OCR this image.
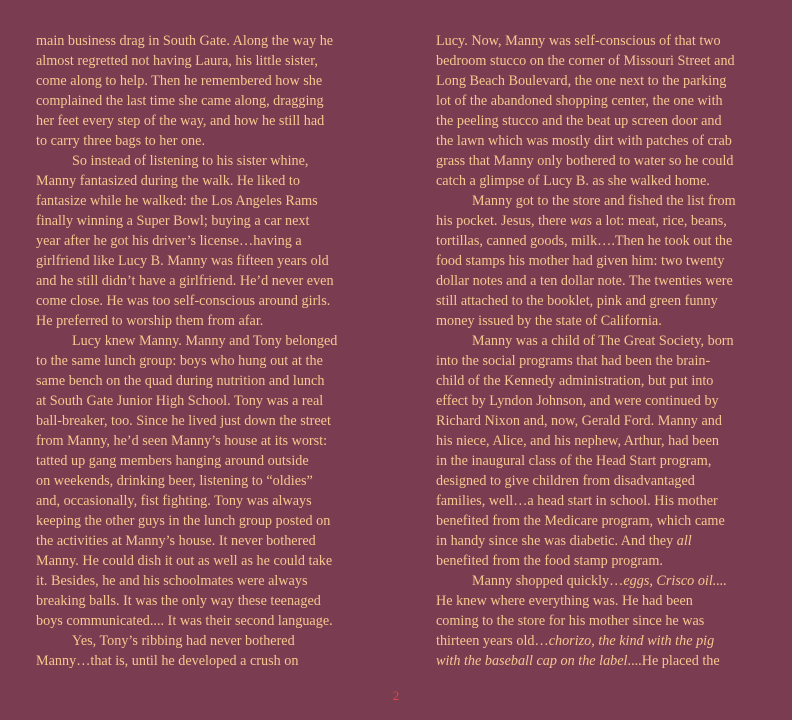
main business drag in South Gate. Along the way he
almost regretted not having Laura, his little sister,
come along to help. Then he remembered how she
complained the last time she came along, dragging
her feet every step of the way, and how he still had
to carry three bags to her one.
So instead of listening to his sister whine,
Manny fantasized during the walk. He liked to
fantasize while he walked: the Los Angeles Rams
finally winning a Super Bowl; buying a car next
year after he got his driver’s license…having a
girlfriend like Lucy B. Manny was fifteen years old
and he still didn’t have a girlfriend. He’d never even
come close. He was too self-conscious around girls.
He preferred to worship them from afar.
Lucy knew Manny. Manny and Tony belonged
to the same lunch group: boys who hung out at the
same bench on the quad during nutrition and lunch
at South Gate Junior High School. Tony was a real
ball-breaker, too. Since he lived just down the street
from Manny, he’d seen Manny’s house at its worst:
tatted up gang members hanging around outside
on weekends, drinking beer, listening to “oldies”
and, occasionally, fist fighting. Tony was always
keeping the other guys in the lunch group posted on
the activities at Manny’s house. It never bothered
Manny. He could dish it out as well as he could take
it. Besides, he and his schoolmates were always
breaking balls. It was the only way these teenaged
boys communicated.... It was their second language.
Yes, Tony’s ribbing had never bothered
Manny…that is, until he developed a crush on
Lucy. Now, Manny was self-conscious of that two
bedroom stucco on the corner of Missouri Street and
Long Beach Boulevard, the one next to the parking
lot of the abandoned shopping center, the one with
the peeling stucco and the beat up screen door and
the lawn which was mostly dirt with patches of crab
grass that Manny only bothered to water so he could
catch a glimpse of Lucy B. as she walked home.
Manny got to the store and fished the list from
his pocket. Jesus, there was a lot: meat, rice, beans,
tortillas, canned goods, milk….Then he took out the
food stamps his mother had given him: two twenty
dollar notes and a ten dollar note. The twenties were
still attached to the booklet, pink and green funny
money issued by the state of California.
Manny was a child of The Great Society, born
into the social programs that had been the brain-
child of the Kennedy administration, but put into
effect by Lyndon Johnson, and were continued by
Richard Nixon and, now, Gerald Ford. Manny and
his niece, Alice, and his nephew, Arthur, had been
in the inaugural class of the Head Start program,
designed to give children from disadvantaged
families, well…a head start in school. His mother
benefited from the Medicare program, which came
in handy since she was diabetic. And they all
benefited from the food stamp program.
Manny shopped quickly…eggs, Crisco oil....
He knew where everything was. He had been
coming to the store for his mother since he was
thirteen years old…chorizo, the kind with the pig
with the baseball cap on the label....He placed the
2
